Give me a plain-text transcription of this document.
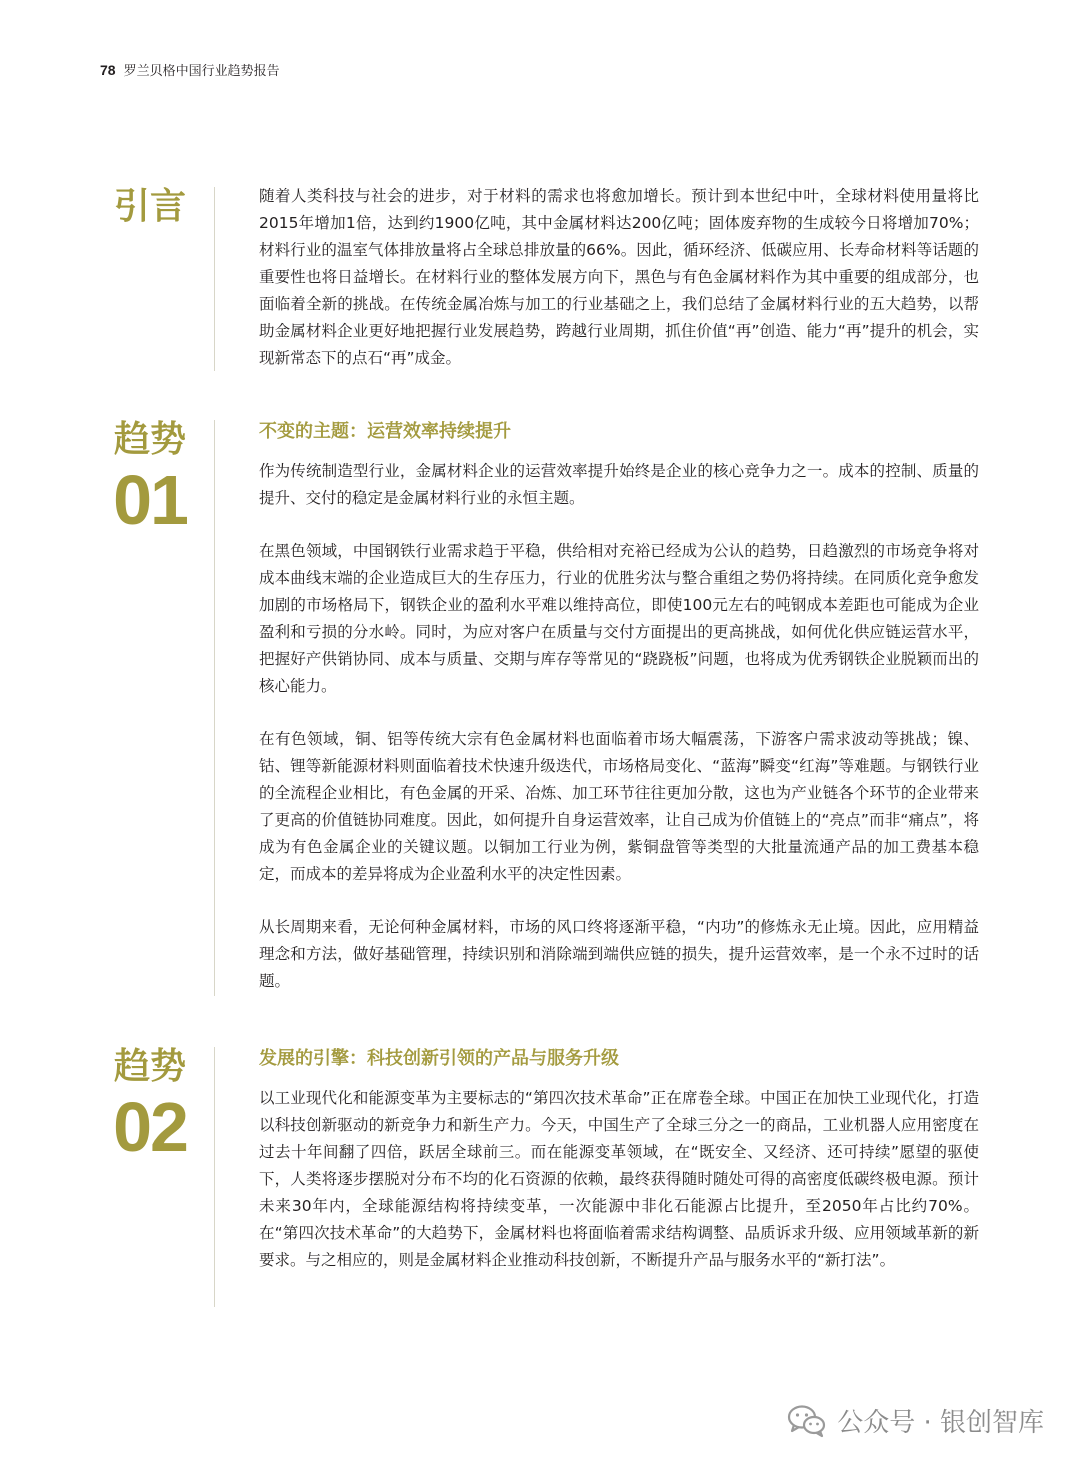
78 罗兰贝格中国行业趋势报告
引言	随着人类科技与社会的进步，对于材料的需求也将愈加增长。预计到本世纪中叶，全球材料使用量将比2015年增加1倍，达到约1900亿吨，其中金属材料达200亿吨；固体废弃物的生成较今日将增加70%；材料行业的温室气体排放量将占全球总排放量的66%。因此，循环经济、低碳应用、长寿命材料等话题的重要性也将日益增长。在材料行业的整体发展方向下，黑色与有色金属材料作为其中重要的组成部分，也面临着全新的挑战。在传统金属冶炼与加工的行业基础之上，我们总结了金属材料行业的五大趋势，以帮助金属材料企业更好地把握行业发展趋势，跨越行业周期，抓住价值“再”创造、能力“再”提升的机会，实现新常态下的点石“再”成金。

趋势
01
不变的主题：运营效率持续提升

作为传统制造型行业，金属材料企业的运营效率提升始终是企业的核心竞争力之一。成本的控制、质量的提升、交付的稳定是金属材料行业的永恒主题。

在黑色领域，中国钢铁行业需求趋于平稳，供给相对充裕已经成为公认的趋势，日趋激烈的市场竞争将对成本曲线末端的企业造成巨大的生存压力，行业的优胜劣汰与整合重组之势仍将持续。在同质化竞争愈发加剧的市场格局下，钢铁企业的盈利水平难以维持高位，即使100元左右的吨钢成本差距也可能成为企业盈利和亏损的分水岭。同时，为应对客户在质量与交付方面提出的更高挑战，如何优化供应链运营水平，把握好产供销协同、成本与质量、交期与库存等常见的“跷跷板”问题，也将成为优秀钢铁企业脱颖而出的核心能力。

在有色领域，铜、铝等传统大宗有色金属材料也面临着市场大幅震荡，下游客户需求波动等挑战；镍、钴、锂等新能源材料则面临着技术快速升级迭代，市场格局变化、“蓝海”瞬变“红海”等难题。与钢铁行业的全流程企业相比，有色金属的开采、冶炼、加工环节往往更加分散，这也为产业链各个环节的企业带来了更高的价值链协同难度。因此，如何提升自身运营效率，让自己成为价值链上的“亮点”而非“痛点”，将成为有色金属企业的关键议题。以铜加工行业为例，紫铜盘管等类型的大批量流通产品的加工费基本稳定，而成本的差异将成为企业盈利水平的决定性因素。

从长周期来看，无论何种金属材料，市场的风口终将逐渐平稳，“内功”的修炼永无止境。因此，应用精益理念和方法，做好基础管理，持续识别和消除端到端供应链的损失，提升运营效率，是一个永不过时的话题。

趋势
02
发展的引擎：科技创新引领的产品与服务升级

以工业现代化和能源变革为主要标志的“第四次技术革命”正在席卷全球。中国正在加快工业现代化，打造以科技创新驱动的新竞争力和新生产力。今天，中国生产了全球三分之一的商品，工业机器人应用密度在过去十年间翻了四倍，跃居全球前三。而在能源变革领域，在“既安全、又经济、还可持续”愿望的驱使下，人类将逐步摆脱对分布不均的化石资源的依赖，最终获得随时随处可得的高密度低碳终极电源。预计未来30年内，全球能源结构将持续变革，一次能源中非化石能源占比提升，至2050年占比约70%。在“第四次技术革命”的大趋势下，金属材料也将面临着需求结构调整、品质诉求升级、应用领域革新的新要求。与之相应的，则是金属材料企业推动科技创新，不断提升产品与服务水平的“新打法”。

公众号 · 银创智库
